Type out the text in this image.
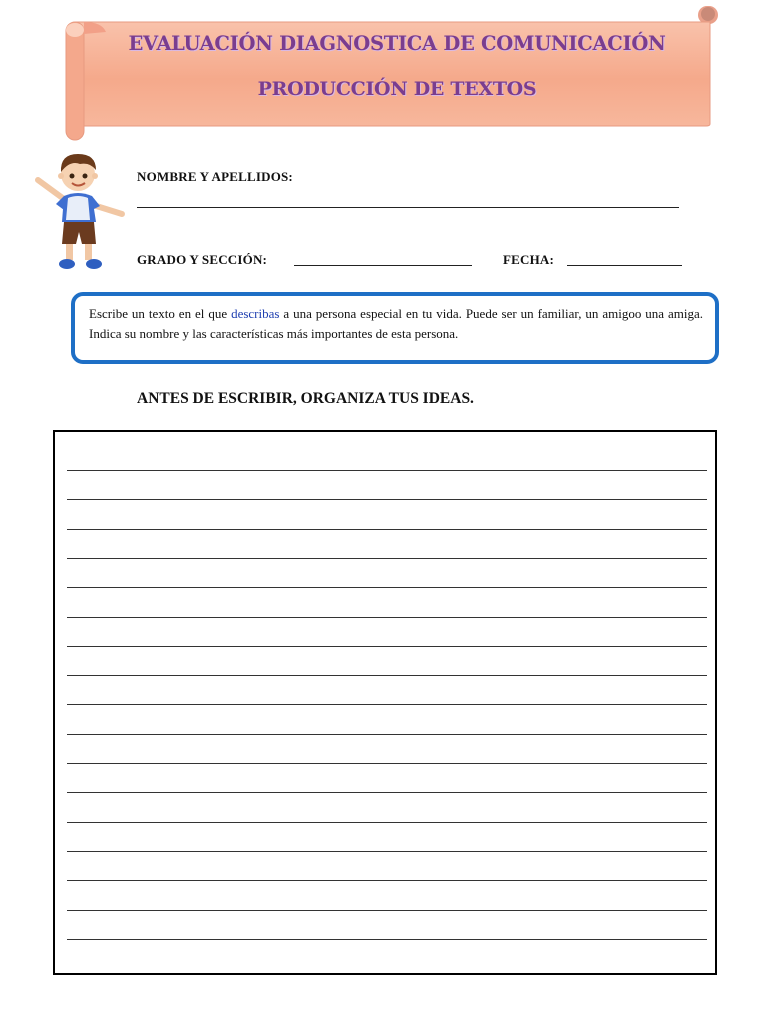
EVALUACIÓN DIAGNOSTICA DE COMUNICACIÓN
PRODUCCIÓN DE TEXTOS
NOMBRE Y APELLIDOS:
GRADO Y SECCIÓN:	FECHA:
Escribe un texto en el que describas a una persona especial en tu vida. Puede ser un familiar, un amigoo una amiga. Indica su nombre y las características más importantes de esta persona.
ANTES DE ESCRIBIR, ORGANIZA TUS IDEAS.
